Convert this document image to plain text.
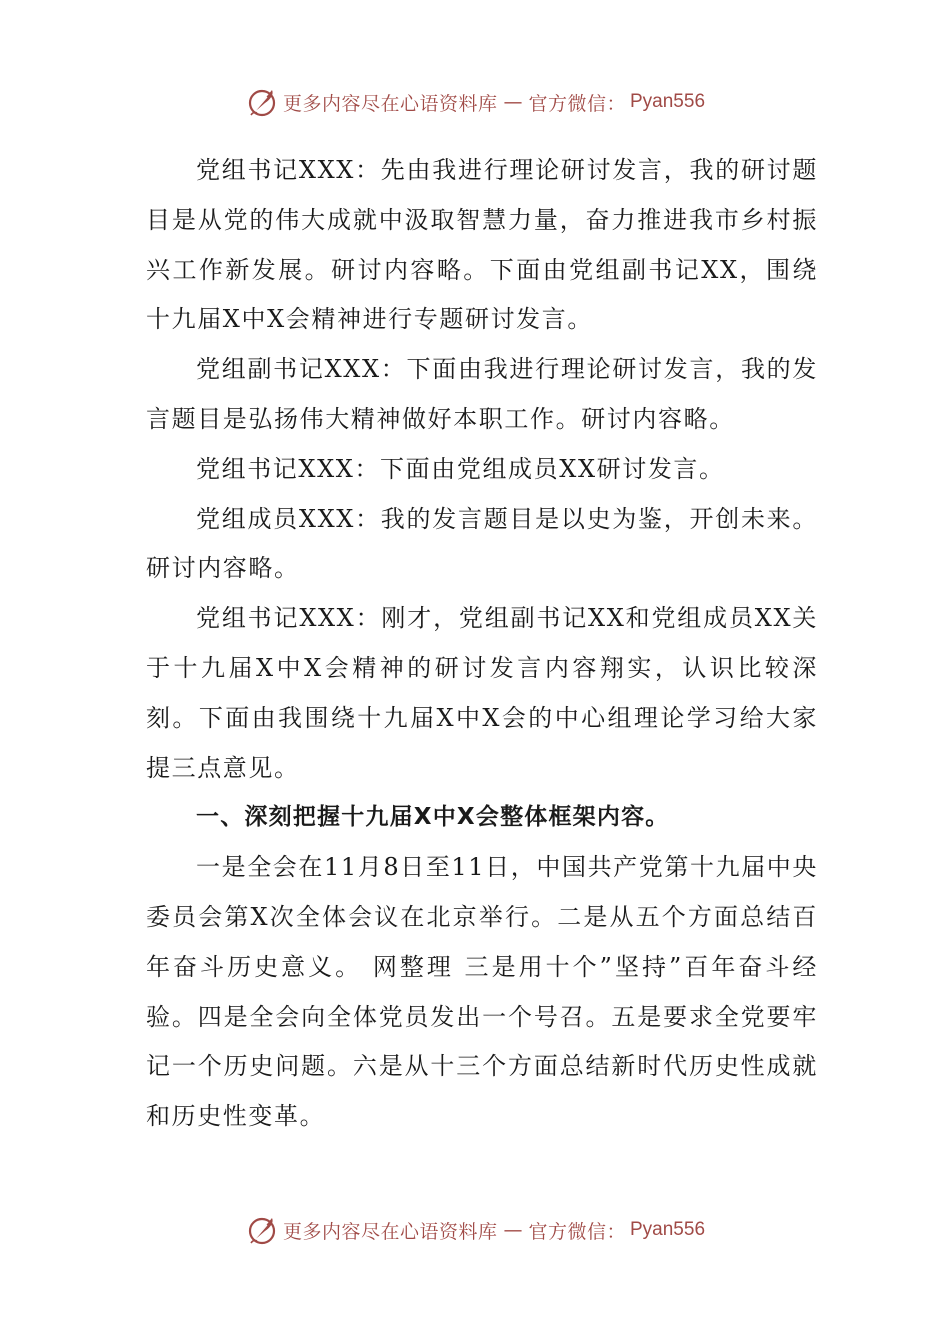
更多内容尽在心语资料库 — 官方微信： Pyan556

党组书记XXX：先由我进行理论研讨发言，我的研讨题目是从党的伟大成就中汲取智慧力量，奋力推进我市乡村振兴工作新发展。研讨内容略。下面由党组副书记XX，围绕十九届X中X会精神进行专题研讨发言。

党组副书记XXX：下面由我进行理论研讨发言，我的发言题目是弘扬伟大精神做好本职工作。研讨内容略。

党组书记XXX：下面由党组成员XX研讨发言。

党组成员XXX：我的发言题目是以史为鉴，开创未来。研讨内容略。

党组书记XXX：刚才，党组副书记XX和党组成员XX关于十九届X中X会精神的研讨发言内容翔实，认识比较深刻。下面由我围绕十九届X中X会的中心组理论学习给大家提三点意见。

一、深刻把握十九届X中X会整体框架内容。

一是全会在11月8日至11日，中国共产党第十九届中央委员会第X次全体会议在北京举行。二是从五个方面总结百年奋斗历史意义。 网整理 三是用十个”坚持”百年奋斗经验。四是全会向全体党员发出一个号召。五是要求全党要牢记一个历史问题。六是从十三个方面总结新时代历史性成就和历史性变革。

更多内容尽在心语资料库 — 官方微信： Pyan556
